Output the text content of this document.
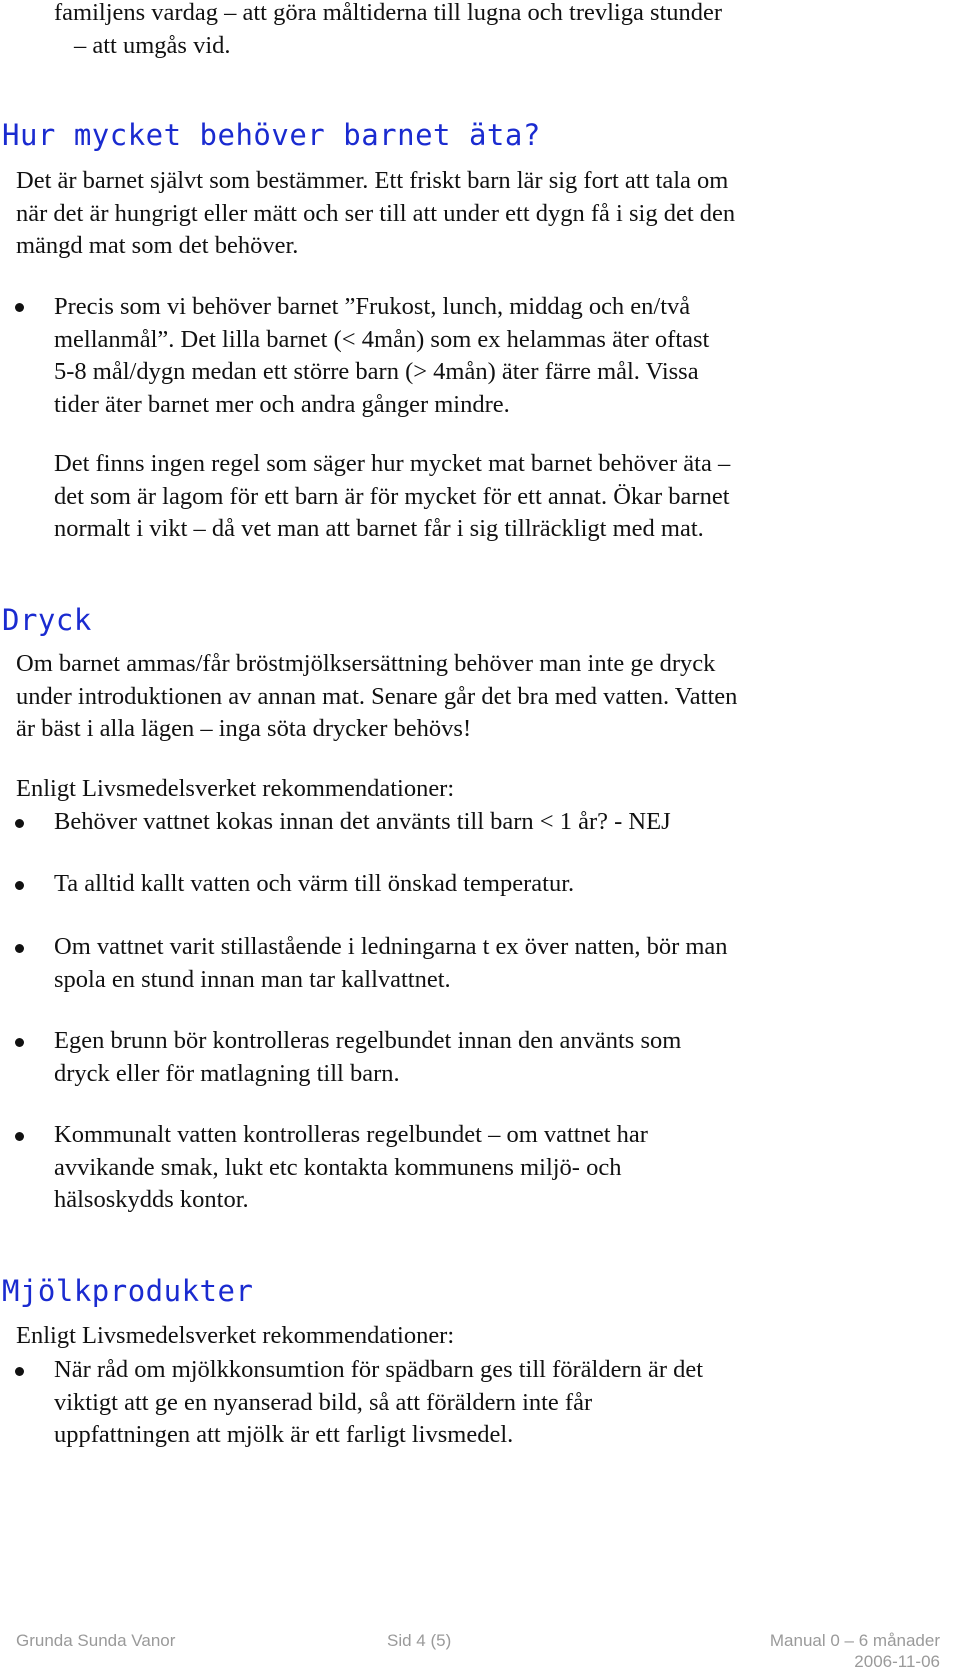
familjens vardag – att göra måltiderna till lugna och trevliga stunder
– att umgås vid.
Hur mycket behöver barnet äta?
Det är barnet självt som bestämmer. Ett friskt barn lär sig fort att tala om
när det är hungrigt eller mätt och ser till att under ett dygn få i sig det den
mängd mat som det behöver.
Precis som vi behöver barnet ”Frukost, lunch, middag och en/två
mellanmål”. Det lilla barnet (< 4mån) som ex helammas äter oftast
5-8 mål/dygn medan ett större barn (> 4mån) äter färre mål. Vissa
tider äter barnet mer och andra gånger mindre.
Det finns ingen regel som säger hur mycket mat barnet behöver äta –
det som är lagom för ett barn är för mycket för ett annat. Ökar barnet
normalt i vikt – då vet man att barnet får i sig tillräckligt med mat.
Dryck
Om barnet ammas/får bröstmjölksersättning behöver man inte ge dryck
under introduktionen av annan mat. Senare går det bra med vatten. Vatten
är bäst i alla lägen – inga söta drycker behövs!
Enligt Livsmedelsverket rekommendationer:
Behöver vattnet kokas innan det använts till barn < 1 år? - NEJ
Ta alltid kallt vatten och värm till önskad temperatur.
Om vattnet varit stillastående i ledningarna t ex över natten, bör man
spola en stund innan man tar kallvattnet.
Egen brunn bör kontrolleras regelbundet innan den använts som
dryck eller för matlagning till barn.
Kommunalt vatten kontrolleras regelbundet – om vattnet har
avvikande smak, lukt etc kontakta kommunens miljö- och
hälsoskydds kontor.
Mjölkprodukter
Enligt Livsmedelsverket rekommendationer:
När råd om mjölkkonsumtion för spädbarn ges till föräldern är det
viktigt att ge en nyanserad bild, så att föräldern inte får
uppfattningen att mjölk är ett farligt livsmedel.
Grunda Sunda Vanor	Sid 4 (5)	Manual 0 – 6 månader
2006-11-06
